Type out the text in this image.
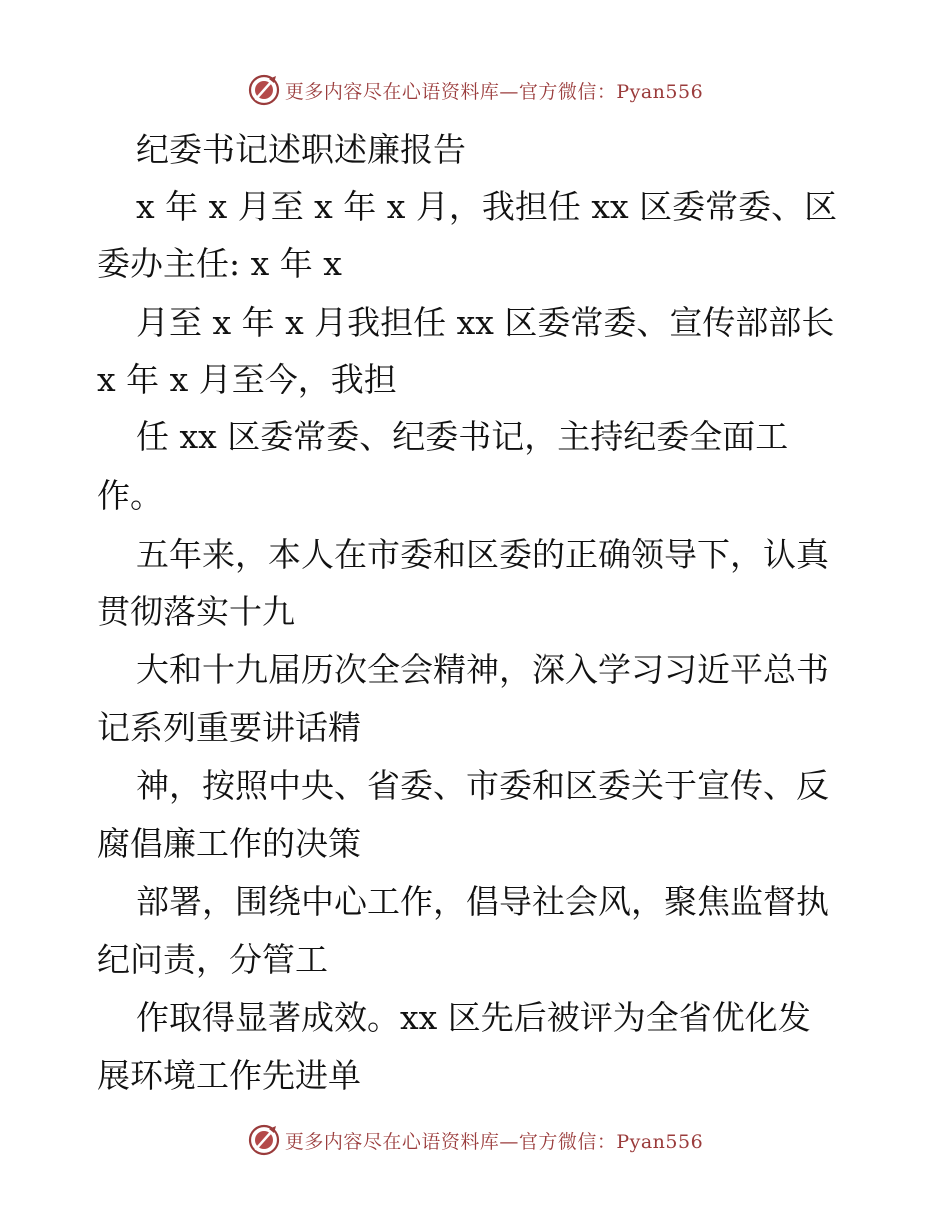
更多内容尽在心语资料库—官方微信：Pyan556
纪委书记述职述廉报告
x 年 x 月至 x 年 x 月，我担任 xx 区委常委、区
委办主任: x 年 x
月至 x 年 x 月我担任 xx 区委常委、宣传部部长
x 年 x 月至今，我担
任 xx 区委常委、纪委书记，主持纪委全面工
作。
五年来，本人在市委和区委的正确领导下，认真
贯彻落实十九
大和十九届历次全会精神，深入学习习近平总书
记系列重要讲话精
神，按照中央、省委、市委和区委关于宣传、反
腐倡廉工作的决策
部署，围绕中心工作，倡导社会风，聚焦监督执
纪问责，分管工
作取得显著成效。xx 区先后被评为全省优化发
展环境工作先进单
更多内容尽在心语资料库—官方微信：Pyan556
